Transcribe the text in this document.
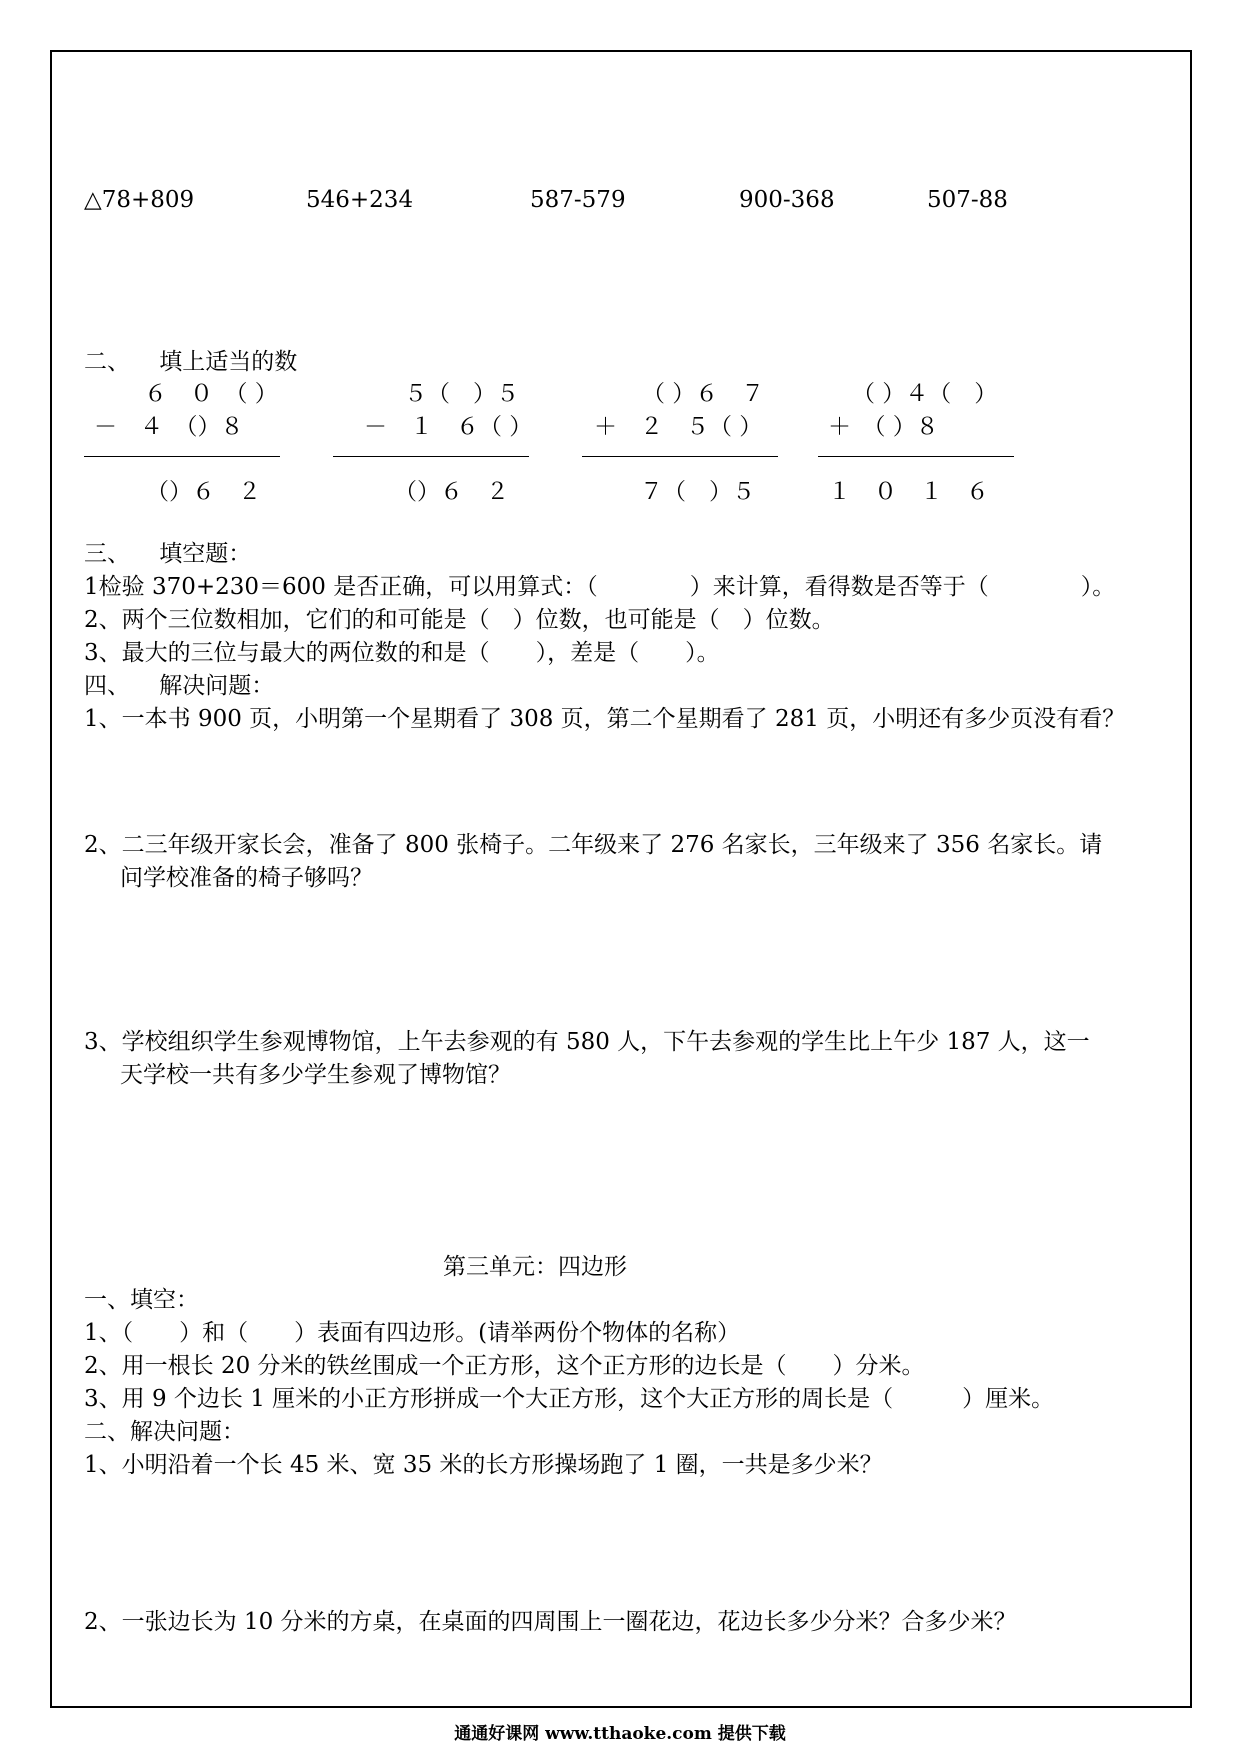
△78+809	546+234	587-579	900-368	507-88
二、    填上适当的数
６　０　（ ）
－　４　（）８
（）６　２
５（　）５
－　１　６（ ）
（）６　２
（ ）６　７
＋　２　５（ ）
７（　）５
（ ）４（　）
＋　（ ）８
１　０　１　６
三、    填空题：
1检验 370+230＝600 是否正确，可以用算式：（　　　　）来计算，看得数是否等于（　　　　）。
2、两个三位数相加，它们的和可能是（　）位数，也可能是（　）位数。
3、最大的三位与最大的两位数的和是（　　），差是（　　）。
四、    解决问题：
1、一本书 900 页，小明第一个星期看了 308 页，第二个星期看了 281 页，小明还有多少页没有看？
2、二三年级开家长会，准备了 800 张椅子。二年级来了 276 名家长，三年级来了 356 名家长。请
问学校准备的椅子够吗？
3、学校组织学生参观博物馆，上午去参观的有 580 人，下午去参观的学生比上午少 187 人，这一
天学校一共有多少学生参观了博物馆？
第三单元：四边形
一、填空：
1、（　　）和（　　）表面有四边形。(请举两份个物体的名称）
2、用一根长 20 分米的铁丝围成一个正方形，这个正方形的边长是（　　）分米。
3、用 9 个边长 1 厘米的小正方形拼成一个大正方形，这个大正方形的周长是（　　　）厘米。
二、解决问题：
1、小明沿着一个长 45 米、宽 35 米的长方形操场跑了 1 圈，一共是多少米？
2、一张边长为 10 分米的方桌，在桌面的四周围上一圈花边，花边长多少分米？合多少米？
通通好课网 www.tthaoke.com 提供下载
